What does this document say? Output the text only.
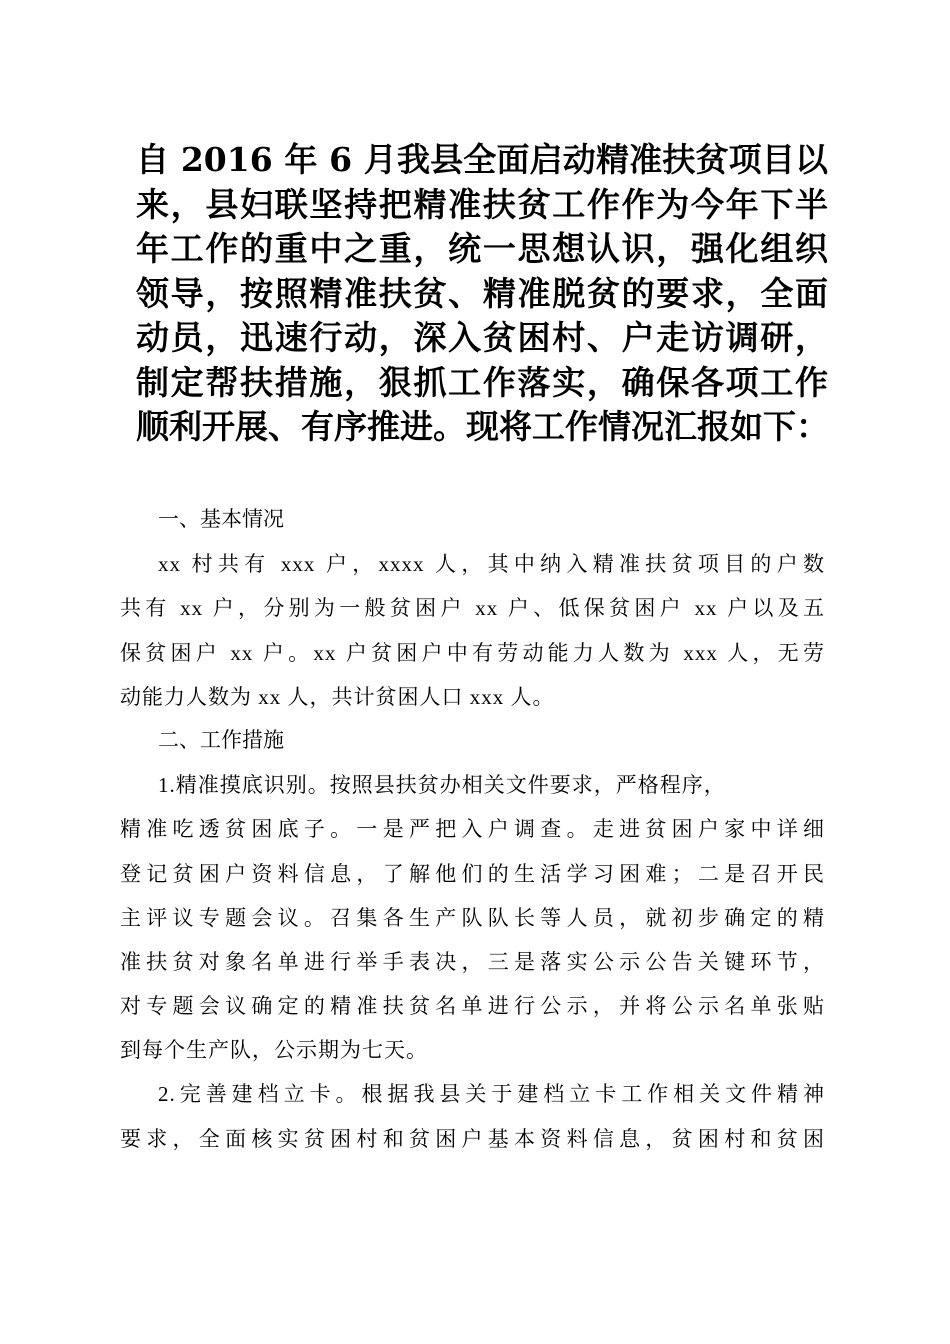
自 2016 年 6 月我县全面启动精准扶贫项目以
来，县妇联坚持把精准扶贫工作作为今年下半
年工作的重中之重，统一思想认识，强化组织
领导，按照精准扶贫、精准脱贫的要求，全面
动员，迅速行动，深入贫困村、户走访调研，
制定帮扶措施，狠抓工作落实，确保各项工作
顺利开展、有序推进。现将工作情况汇报如下：
一、基本情况
xx 村共有 xxx 户，xxxx 人，其中纳入精准扶贫项目的户数
共有 xx 户，分别为一般贫困户 xx 户、低保贫困户 xx 户以及五
保贫困户 xx 户。xx 户贫困户中有劳动能力人数为 xxx 人，无劳
动能力人数为 xx 人，共计贫困人口 xxx 人。
二、工作措施
1.精准摸底识别。按照县扶贫办相关文件要求，严格程序，
精准吃透贫困底子。一是严把入户调查。走进贫困户家中详细
登记贫困户资料信息，了解他们的生活学习困难；二是召开民
主评议专题会议。召集各生产队队长等人员，就初步确定的精
准扶贫对象名单进行举手表决，三是落实公示公告关键环节，
对专题会议确定的精准扶贫名单进行公示，并将公示名单张贴
到每个生产队，公示期为七天。
2.完善建档立卡。根据我县关于建档立卡工作相关文件精神
要求，全面核实贫困村和贫困户基本资料信息，贫困村和贫困
